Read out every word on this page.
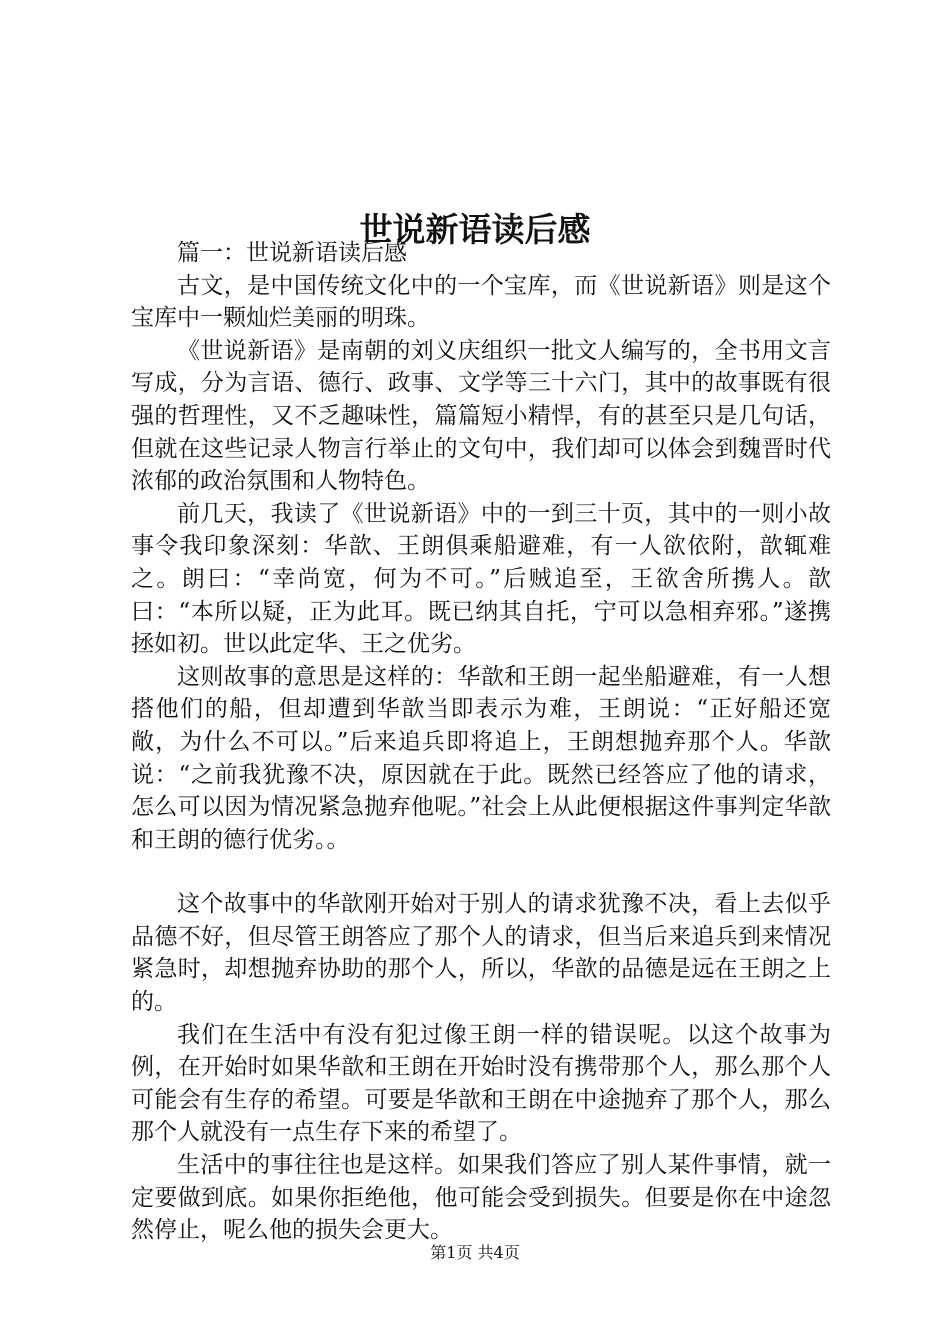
世说新语读后感

篇一：世说新语读后感

古文，是中国传统文化中的一个宝库，而《世说新语》则是这个宝库中一颗灿烂美丽的明珠。

《世说新语》是南朝的刘义庆组织一批文人编写的，全书用文言写成，分为言语、德行、政事、文学等三十六门，其中的故事既有很强的哲理性，又不乏趣味性，篇篇短小精悍，有的甚至只是几句话，但就在这些记录人物言行举止的文句中，我们却可以体会到魏晋时代浓郁的政治氛围和人物特色。

前几天，我读了《世说新语》中的一到三十页，其中的一则小故事令我印象深刻：华歆、王朗俱乘船避难，有一人欲依附，歆辄难之。朗曰：“幸尚宽，何为不可。”后贼追至，王欲舍所携人。歆曰：“本所以疑，正为此耳。既已纳其自托，宁可以急相弃邪。”遂携拯如初。世以此定华、王之优劣。

这则故事的意思是这样的：华歆和王朗一起坐船避难，有一人想搭他们的船，但却遭到华歆当即表示为难，王朗说：“正好船还宽敞，为什么不可以。”后来追兵即将追上，王朗想抛弃那个人。华歆说：“之前我犹豫不决，原因就在于此。既然已经答应了他的请求，怎么可以因为情况紧急抛弃他呢。”社会上从此便根据这件事判定华歆和王朗的德行优劣。。

这个故事中的华歆刚开始对于别人的请求犹豫不决，看上去似乎品德不好，但尽管王朗答应了那个人的请求，但当后来追兵到来情况紧急时，却想抛弃协助的那个人，所以，华歆的品德是远在王朗之上的。

我们在生活中有没有犯过像王朗一样的错误呢。以这个故事为例，在开始时如果华歆和王朗在开始时没有携带那个人，那么那个人可能会有生存的希望。可要是华歆和王朗在中途抛弃了那个人，那么那个人就没有一点生存下来的希望了。

生活中的事往往也是这样。如果我们答应了别人某件事情，就一定要做到底。如果你拒绝他，他可能会受到损失。但要是你在中途忽然停止，呢么他的损失会更大。

第1页 共4页
